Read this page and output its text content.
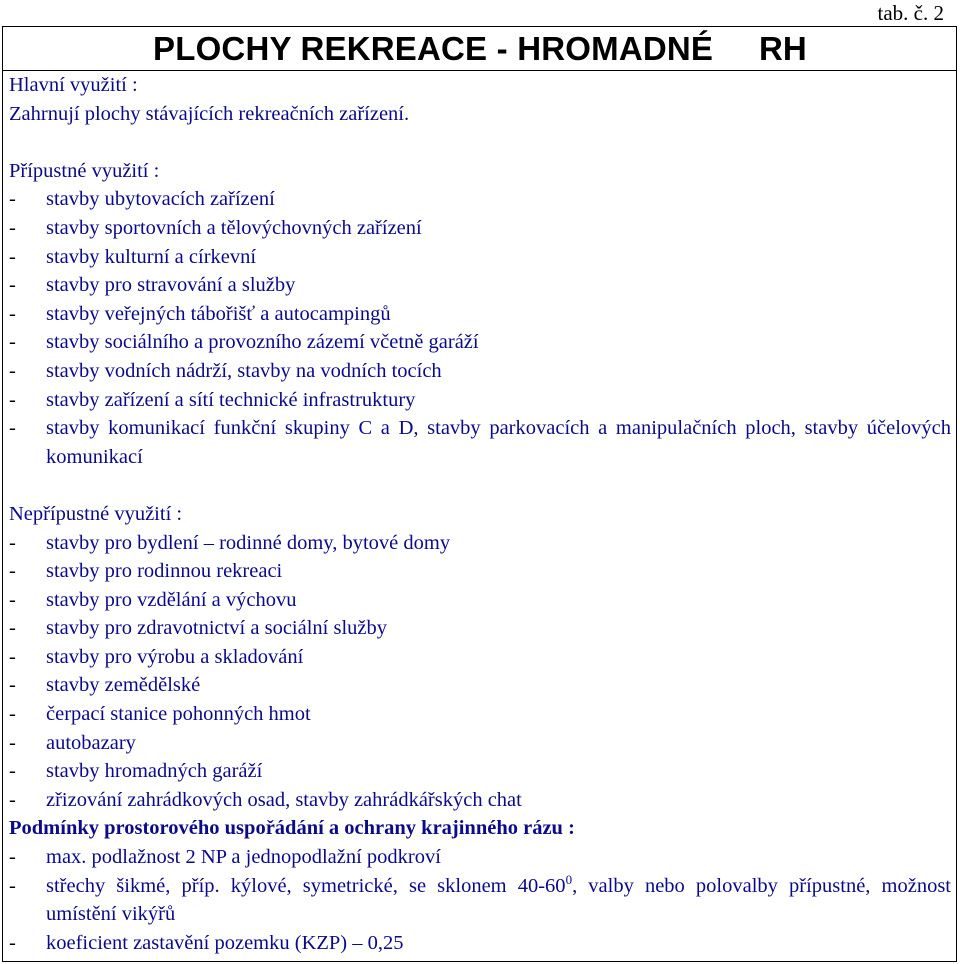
tab. č. 2
PLOCHY REKREACE - HROMADNÉ RH
Hlavní využití :
Zahrnují plochy stávajících rekreačních zařízení.
Přípustné využití :
- stavby ubytovacích zařízení
- stavby sportovních a tělovýchovných zařízení
- stavby kulturní a církevní
- stavby pro stravování a služby
- stavby veřejných tábořišť a autocampingů
- stavby sociálního a provozního zázemí včetně garáží
- stavby vodních nádrží, stavby na vodních tocích
- stavby zařízení a sítí technické infrastruktury
- stavby komunikací funkční skupiny C a D, stavby parkovacích a manipulačních ploch, stavby účelových komunikací
Nepřípustné využití :
- stavby pro bydlení – rodinné domy, bytové domy
- stavby pro rodinnou rekreaci
- stavby pro vzdělání a výchovu
- stavby pro zdravotnictví a sociální služby
- stavby pro výrobu a skladování
- stavby zemědělské
- čerpací stanice pohonných hmot
- autobazary
- stavby hromadných garáží
- zřizování zahrádkových osad, stavby zahrádkářských chat
Podmínky prostorového uspořádání a ochrany krajinného rázu :
- max. podlažnost 2 NP a jednopodlažní podkroví
- střechy šikmé, příp. kýlové, symetrické, se sklonem $40-60^0$, valby nebo polovalby přípustné, možnost umístění vikýřů
- koeficient zastavění pozemku (KZP) – 0,25
